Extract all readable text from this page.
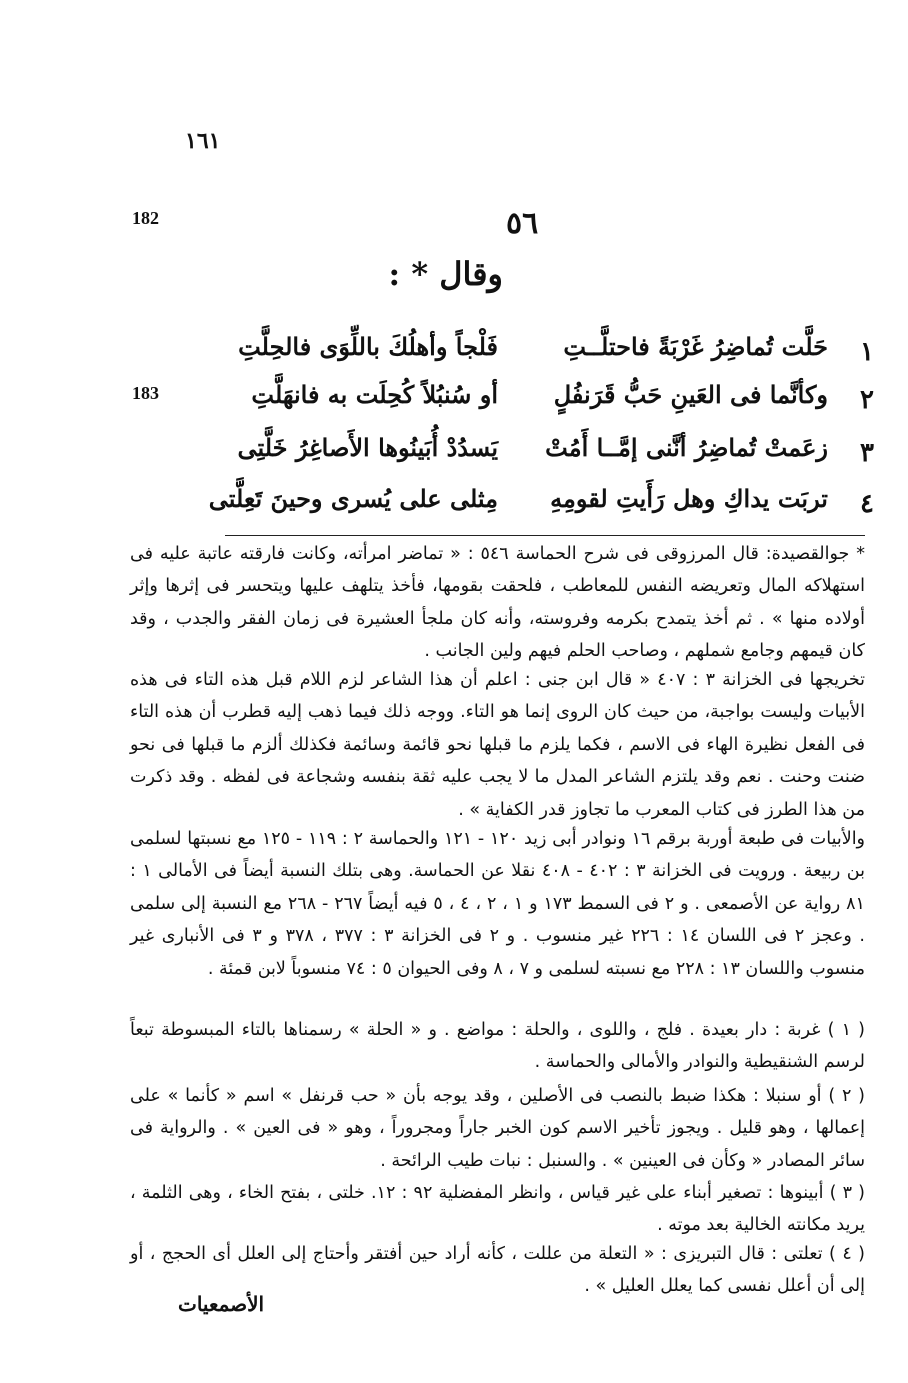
١٦١
182
183
٥٦
وقال * :
١
حَلَّت تُماضِرُ غَرْبَةً فاحتلَّــتِ
فَلْجاً وأهلُكَ باللِّوَى فالحِلَّتِ
٢
وكأنَّما فى العَينِ حَبُّ قَرَنفُلٍ
أو سُنبُلاً كُحِلَت به فانهَلَّتِ
٣
زعَمتْ تُماضِرُ أنَّنى إمَّــا أَمُتْ
يَسدُدْ أُبَينُوها الأَصاغِرُ خَلَّتِى
٤
تربَت يداكِ وهل رَأَيتِ لقومِهِ
مِثلى على يُسرى وحينَ تَعِلَّتى
* جوالقصيدة: قال المرزوقى فى شرح الحماسة ٥٤٦ : « تماضر امرأته، وكانت فارقته عاتبة عليه فى استهلاكه المال وتعريضه النفس للمعاطب ، فلحقت بقومها، فأخذ يتلهف عليها ويتحسر فى إثرها وإثر أولاده منها » . ثم أخذ يتمدح بكرمه وفروسته، وأنه كان ملجأ العشيرة فى زمان الفقر والجدب ، وقد كان قيمهم وجامع شملهم ، وصاحب الحلم فيهم ولين الجانب .
تخريجها فى الخزانة ٣ : ٤٠٧ « قال ابن جنى : اعلم أن هذا الشاعر لزم اللام قبل هذه التاء فى هذه الأبيات وليست بواجبة، من حيث كان الروى إنما هو التاء. ووجه ذلك فيما ذهب إليه قطرب أن هذه التاء فى الفعل نظيرة الهاء فى الاسم ، فكما يلزم ما قبلها نحو قائمة وسائمة فكذلك ألزم ما قبلها فى نحو ضنت وحنت . نعم وقد يلتزم الشاعر المدل ما لا يجب عليه ثقة بنفسه وشجاعة فى لفظه . وقد ذكرت من هذا الطرز فى كتاب المعرب ما تجاوز قدر الكفاية » .
والأبيات فى طبعة أوربة برقم ١٦ ونوادر أبى زيد ١٢٠ - ١٢١ والحماسة ٢ : ١١٩ - ١٢٥ مع نسبتها لسلمى بن ربيعة . ورويت فى الخزانة ٣ : ٤٠٢ - ٤٠٨ نقلا عن الحماسة. وهى بتلك النسبة أيضاً فى الأمالى ١ : ٨١ رواية عن الأصمعى . و ٢ فى السمط ١٧٣ و ١ ، ٢ ، ٤ ، ٥ فيه أيضاً ٢٦٧ - ٢٦٨ مع النسبة إلى سلمى . وعجز ٢ فى اللسان ١٤ : ٢٢٦ غير منسوب . و ٢ فى الخزانة ٣ : ٣٧٧ ، ٣٧٨ و ٣ فى الأنبارى غير منسوب واللسان ١٣ : ٢٢٨ مع نسبته لسلمى و ٧ ، ٨ وفى الحيوان ٥ : ٧٤ منسوباً لابن قمئة .
( ١ ) غربة : دار بعيدة . فلج ، واللوى ، والحلة : مواضع . و « الحلة » رسمناها بالتاء المبسوطة تبعاً لرسم الشنقيطية والنوادر والأمالى والحماسة .
( ٢ ) أو سنبلا : هكذا ضبط بالنصب فى الأصلين ، وقد يوجه بأن « حب قرنفل » اسم « كأنما » على إعمالها ، وهو قليل . ويجوز تأخير الاسم كون الخبر جاراً ومجروراً ، وهو « فى العين » . والرواية فى سائر المصادر « وكأن فى العينين » . والسنبل : نبات طيب الرائحة .
( ٣ ) أبينوها : تصغير أبناء على غير قياس ، وانظر المفضلية ٩٢ : ١٢. خلتى ، بفتح الخاء ، وهى الثلمة ، يريد مكانته الخالية بعد موته .
( ٤ ) تعلتى : قال التبريزى : « التعلة من عللت ، كأنه أراد حين أفتقر وأحتاج إلى العلل أى الحجج ، أو إلى أن أعلل نفسى كما يعلل العليل » .
الأصمعيات
